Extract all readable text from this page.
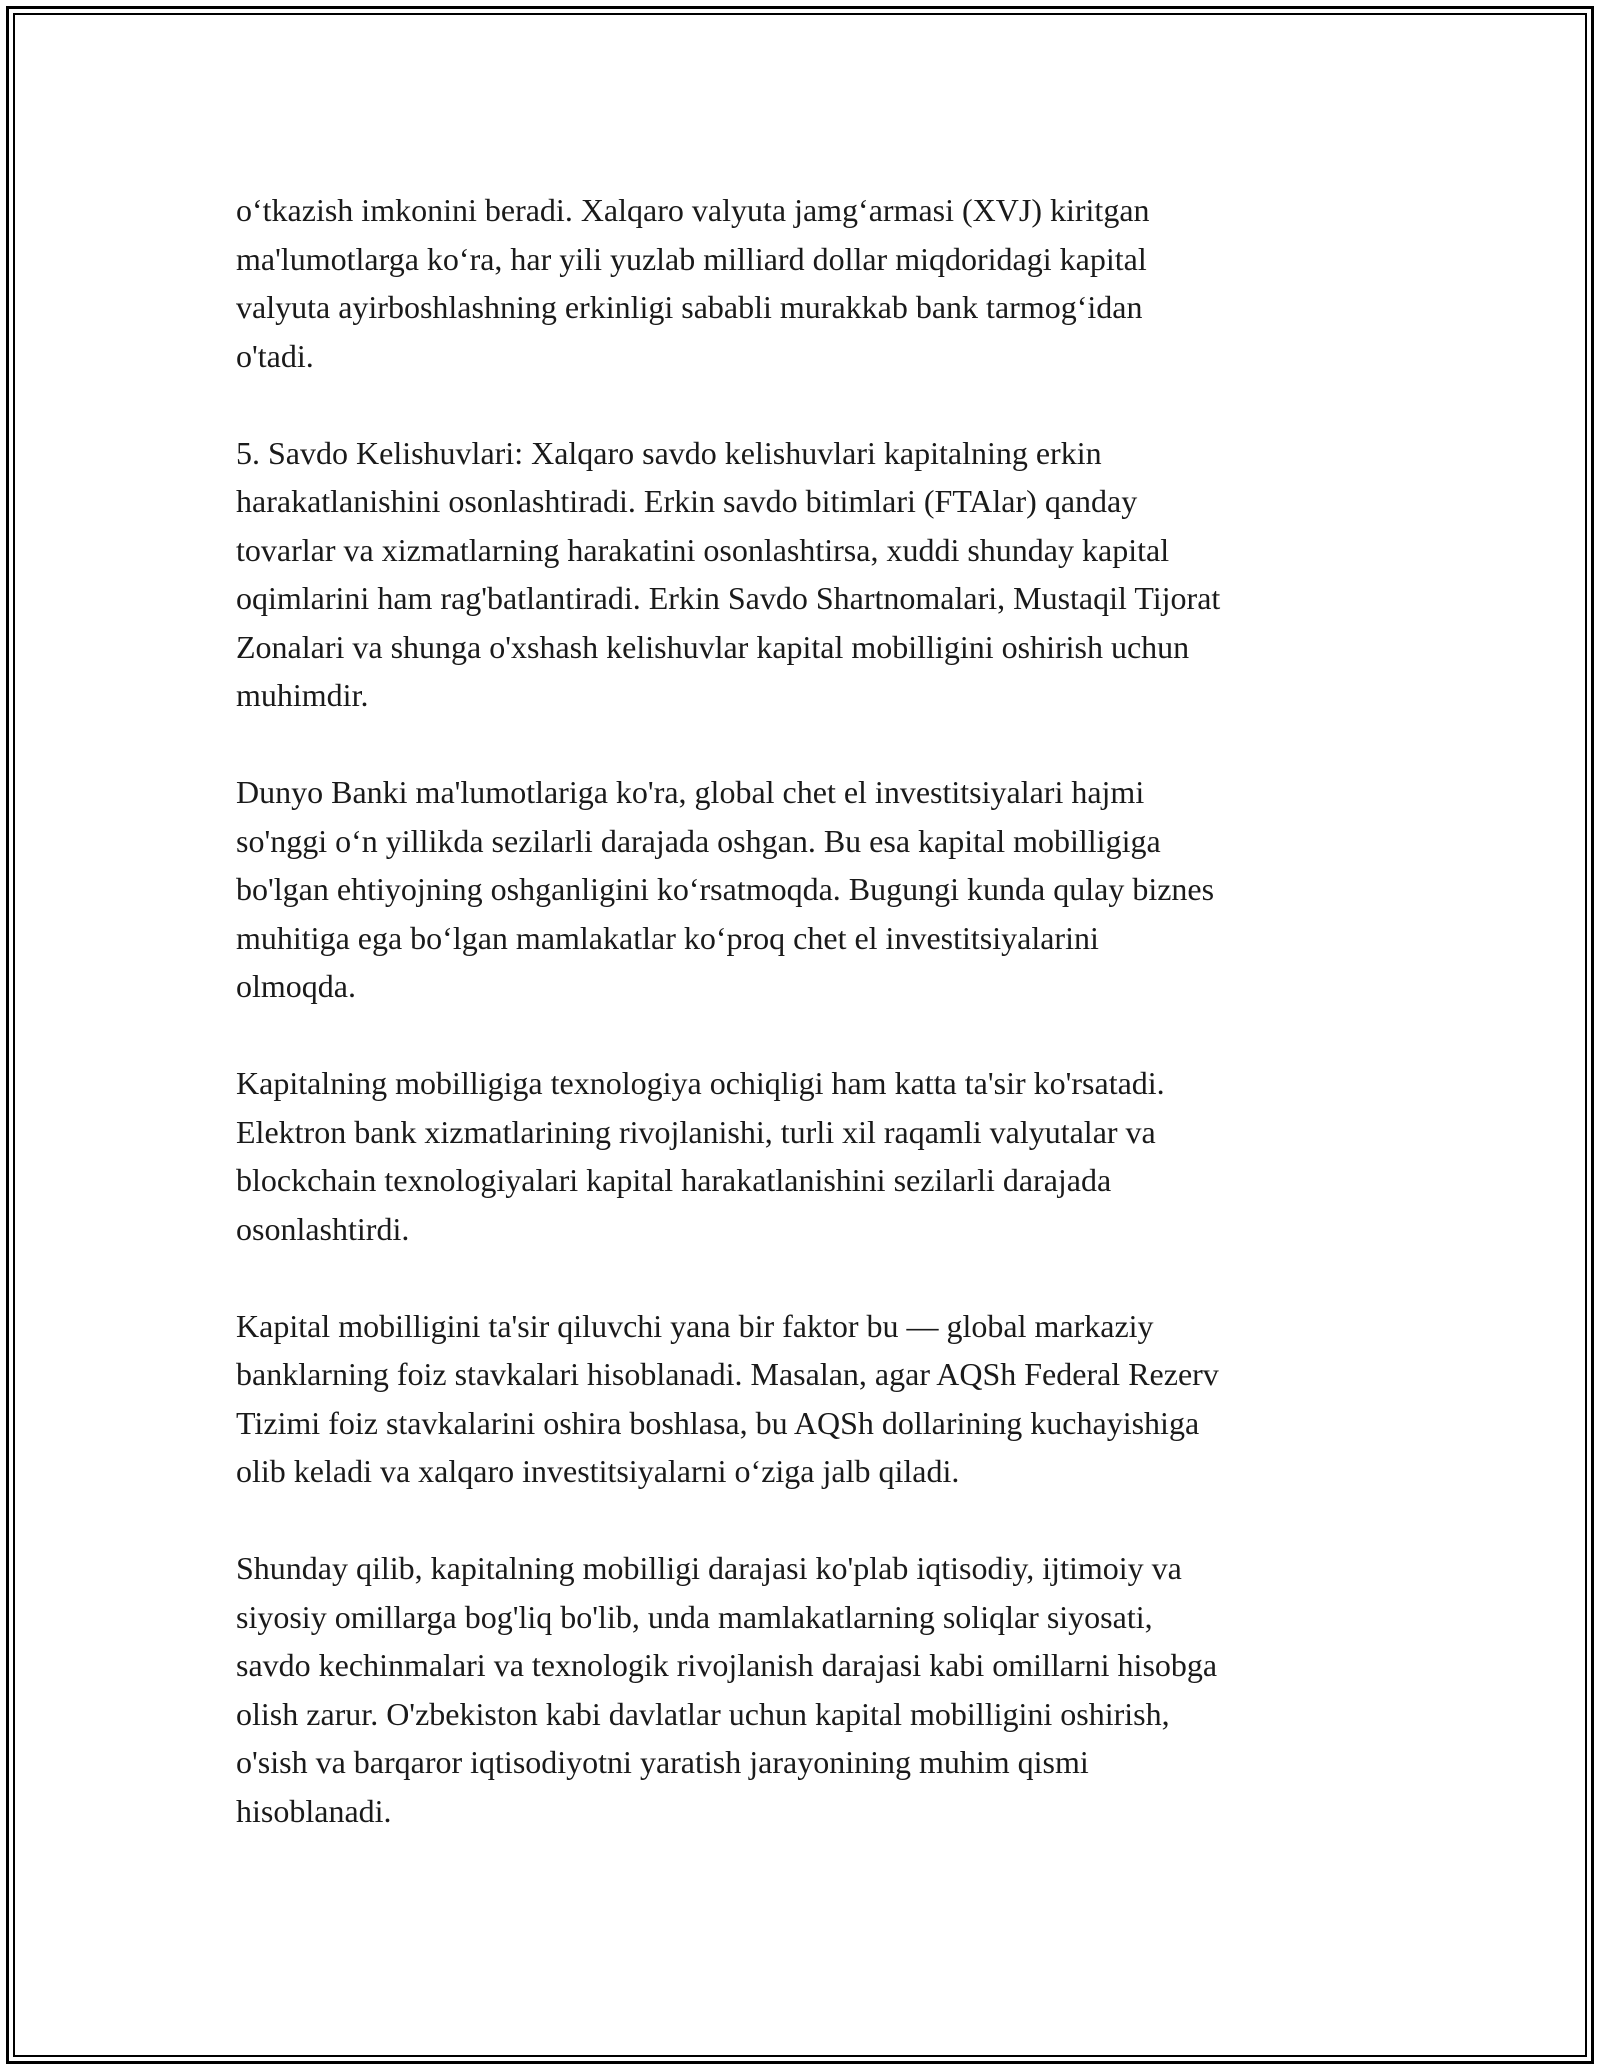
o‘tkazish imkonini beradi. Xalqaro valyuta jamg‘armasi (XVJ) kiritgan
ma'lumotlarga ko‘ra, har yili yuzlab milliard dollar miqdoridagi kapital
valyuta ayirboshlashning erkinligi sababli murakkab bank tarmog‘idan
o'tadi.

5. Savdo Kelishuvlari: Xalqaro savdo kelishuvlari kapitalning erkin
harakatlanishini osonlashtiradi. Erkin savdo bitimlari (FTAlar) qanday
tovarlar va xizmatlarning harakatini osonlashtirsa, xuddi shunday kapital
oqimlarini ham rag'batlantiradi. Erkin Savdo Shartnomalari, Mustaqil Tijorat
Zonalari va shunga o'xshash kelishuvlar kapital mobilligini oshirish uchun
muhimdir.

Dunyo Banki ma'lumotlariga ko'ra, global chet el investitsiyalari hajmi
so'nggi o‘n yillikda sezilarli darajada oshgan. Bu esa kapital mobilligiga
bo'lgan ehtiyojning oshganligini ko‘rsatmoqda. Bugungi kunda qulay biznes
muhitiga ega bo‘lgan mamlakatlar ko‘proq chet el investitsiyalarini
olmoqda.

Kapitalning mobilligiga texnologiya ochiqligi ham katta ta'sir ko'rsatadi.
Elektron bank xizmatlarining rivojlanishi, turli xil raqamli valyutalar va
blockchain texnologiyalari kapital harakatlanishini sezilarli darajada
osonlashtirdi.

Kapital mobilligini ta'sir qiluvchi yana bir faktor bu — global markaziy
banklarning foiz stavkalari hisoblanadi. Masalan, agar AQSh Federal Rezerv
Tizimi foiz stavkalarini oshira boshlasa, bu AQSh dollarining kuchayishiga
olib keladi va xalqaro investitsiyalarni o‘ziga jalb qiladi.

Shunday qilib, kapitalning mobilligi darajasi ko'plab iqtisodiy, ijtimoiy va
siyosiy omillarga bog'liq bo'lib, unda mamlakatlarning soliqlar siyosati,
savdo kechinmalari va texnologik rivojlanish darajasi kabi omillarni hisobga
olish zarur. O'zbekiston kabi davlatlar uchun kapital mobilligini oshirish,
o'sish va barqaror iqtisodiyotni yaratish jarayonining muhim qismi
hisoblanadi.
